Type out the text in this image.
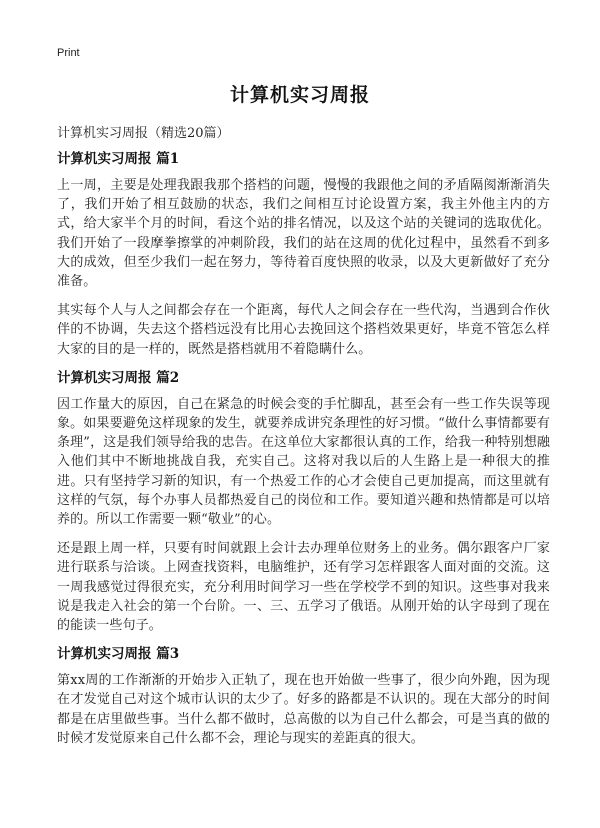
Print
计算机实习周报
计算机实习周报（精选20篇）
计算机实习周报 篇1

上一周，主要是处理我跟我那个搭档的问题，慢慢的我跟他之间的矛盾隔阂渐渐消失了，我们开始了相互鼓励的状态，我们之间相互讨论设置方案，我主外他主内的方式，给大家半个月的时间，看这个站的排名情况，以及这个站的关键词的选取优化。我们开始了一段摩拳擦掌的冲刺阶段，我们的站在这周的优化过程中，虽然看不到多大的成效，但至少我们一起在努力，等待着百度快照的收录，以及大更新做好了充分准备。

其实每个人与人之间都会存在一个距离，每代人之间会存在一些代沟，当遇到合作伙伴的不协调，失去这个搭档远没有比用心去挽回这个搭档效果更好，毕竟不管怎么样大家的目的是一样的，既然是搭档就用不着隐瞒什么。

计算机实习周报 篇2

因工作量大的原因，自己在紧急的时候会变的手忙脚乱，甚至会有一些工作失误等现象。如果要避免这样现象的发生，就要养成讲究条理性的好习惯。“做什么事情都要有条理”，这是我们领导给我的忠告。在这单位大家都很认真的工作，给我一种特别想融入他们其中不断地挑战自我，充实自己。这将对我以后的人生路上是一种很大的推进。只有坚持学习新的知识，有一个热爱工作的心才会使自己更加提高，而这里就有这样的气氛，每个办事人员都热爱自己的岗位和工作。要知道兴趣和热情都是可以培养的。所以工作需要一颗“敬业”的心。

还是跟上周一样，只要有时间就跟上会计去办理单位财务上的业务。偶尔跟客户厂家进行联系与洽谈。上网查找资料，电脑维护，还有学习怎样跟客人面对面的交流。这一周我感觉过得很充实，充分利用时间学习一些在学校学不到的知识。这些事对我来说是我走入社会的第一个台阶。一、三、五学习了俄语。从刚开始的认字母到了现在的能读一些句子。

计算机实习周报 篇3

第xx周的工作渐渐的开始步入正轨了，现在也开始做一些事了，很少向外跑，因为现在才发觉自己对这个城市认识的太少了。好多的路都是不认识的。现在大部分的时间都是在店里做些事。当什么都不做时，总高傲的以为自己什么都会，可是当真的做的时候才发觉原来自己什么都不会，理论与现实的差距真的很大。
